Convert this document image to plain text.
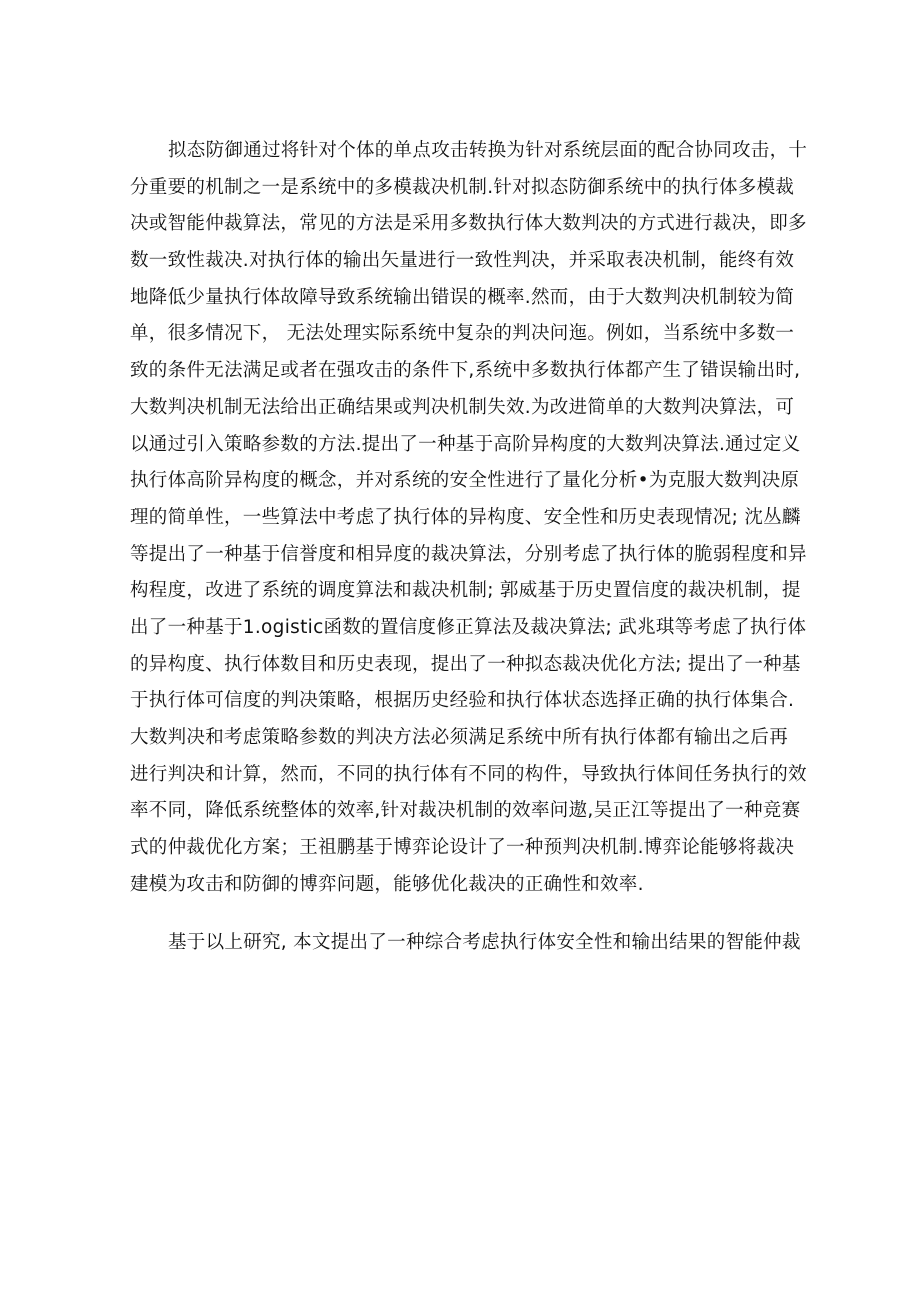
拟态防御通过将针对个体的单点攻击转换为针对系统层面的配合协同攻击，十
分重要的机制之一是系统中的多模裁决机制.针对拟态防御系统中的执行体多模裁
决或智能仲裁算法，常见的方法是采用多数执行体大数判决的方式进行裁决，即多
数一致性裁决.对执行体的输出矢量进行一致性判决，并采取表决机制，能终有效
地降低少量执行体故障导致系统输出错误的概率.然而，由于大数判决机制较为简
单，很多情况下， 无法处理实际系统中复杂的判决问迤。例如，当系统中多数一
致的条件无法满足或者在强攻击的条件下,系统中多数执行体都产生了错误输出时,
大数判决机制无法给出正确结果或判决机制失效.为改进简单的大数判决算法，可
以通过引入策略参数的方法.提出了一种基于高阶异构度的大数判决算法.通过定义
执行体高阶异构度的概念，并对系统的安全性进行了量化分析•为克服大数判决原
理的简单性，一些算法中考虑了执行体的异构度、安全性和历史表现情况; 沈丛麟
等提出了一种基于信誉度和相异度的裁决算法，分别考虑了执行体的脆弱程度和异
构程度，改进了系统的调度算法和裁决机制; 郭威基于历史置信度的裁决机制，提
出了一种基于1.ogistic函数的置信度修正算法及裁决算法; 武兆琪等考虑了执行体
的异构度、执行体数目和历史表现，提出了一种拟态裁决优化方法; 提出了一种基
于执行体可信度的判决策略，根据历史经验和执行体状态选择正确的执行体集合.
大数判决和考虑策略参数的判决方法必须满足系统中所有执行体都有输出之后再
进行判决和计算，然而，不同的执行体有不同的构件，导致执行体间任务执行的效
率不同，降低系统整体的效率,针对裁决机制的效率问遨,吴正江等提出了一种竞赛
式的仲裁优化方案；王祖鹏基于博弈论设计了一种预判决机制.博弈论能够将裁决
建模为攻击和防御的博弈问题，能够优化裁决的正确性和效率.
基于以上研究, 本文提出了一种综合考虑执行体安全性和输出结果的智能仲裁
